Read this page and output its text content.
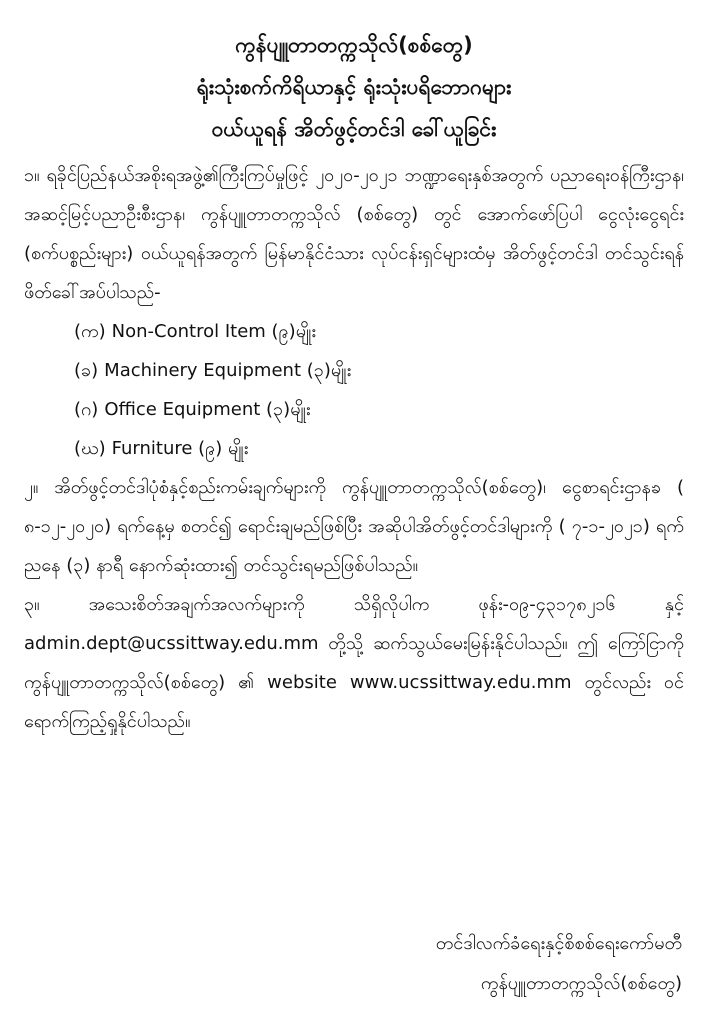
ကွန်ပျူတာတက္ကသိုလ်(စစ်တွေ)
ရုံးသုံးစက်ကိရိယာနှင့် ရုံးသုံးပရိဘောဂများ
ဝယ်ယူရန် အိတ်ဖွင့်တင်ဒါ ခေါ်ယူခြင်း
၁။ ရခိုင်ပြည်နယ်အစိုးရအဖွဲ့၏ကြီးကြပ်မှုဖြင့် ၂၀၂၀-၂၀၂၁ ဘဏ္ဍာရေးနှစ်အတွက် ပညာရေးဝန်ကြီးဌာန၊ အဆင့်မြင့်ပညာဦးစီးဌာန၊ ကွန်ပျူတာတက္ကသိုလ် (စစ်တွေ) တွင် အောက်ဖော်ပြပါ ငွေလုံးငွေရင်း (စက်ပစ္စည်းများ) ဝယ်ယူရန်အတွက် မြန်မာနိုင်ငံသား လုပ်ငန်းရှင်များထံမှ အိတ်ဖွင့်တင်ဒါ တင်သွင်းရန် ဖိတ်ခေါ်အပ်ပါသည်-
(က) Non-Control Item (၉)မျိုး
(ခ) Machinery Equipment (၃)မျိုး
(ဂ) Office Equipment (၃)မျိုး
(ဃ) Furniture (၉) မျိုး
၂။ အိတ်ဖွင့်တင်ဒါပုံစံနှင့်စည်းကမ်းချက်များကို ကွန်ပျူတာတက္ကသိုလ်(စစ်တွေ)၊ ငွေစာရင်းဌာနၶ ( ၈-၁၂-၂၀၂၀) ရက်နေ့မှ စတင်၍ ရောင်းချမည်ဖြစ်ပြီး အဆိုပါအိတ်ဖွင့်တင်ဒါများကို ( ၇-၁-၂၀၂၁) ရက်ညနေ (၃) နာရီ နောက်ဆုံးထား၍ တင်သွင်းရမည်ဖြစ်ပါသည်။
၃။ အသေးစိတ်အချက်အလက်များကို သိရှိလိုပါက ဖုန်း-၀၉-၄၃၁၇၈၂၁၆ နှင့် admin.dept@ucssittway.edu.mm တို့သို့ ဆက်သွယ်မေးမြန်းနိုင်ပါသည်။ ဤ ကြော်ငြာကိုကွန်ပျူတာတက္ကသိုလ်(စစ်တွေ) ၏ website www.ucssittway.edu.mm တွင်လည်း ဝင်ရောက်ကြည့်ရှုနိုင်ပါသည်။
တင်ဒါလက်ခံရေးနှင့်စိစစ်ရေးကော်မတီ
ကွန်ပျူတာတက္ကသိုလ်(စစ်တွေ)
